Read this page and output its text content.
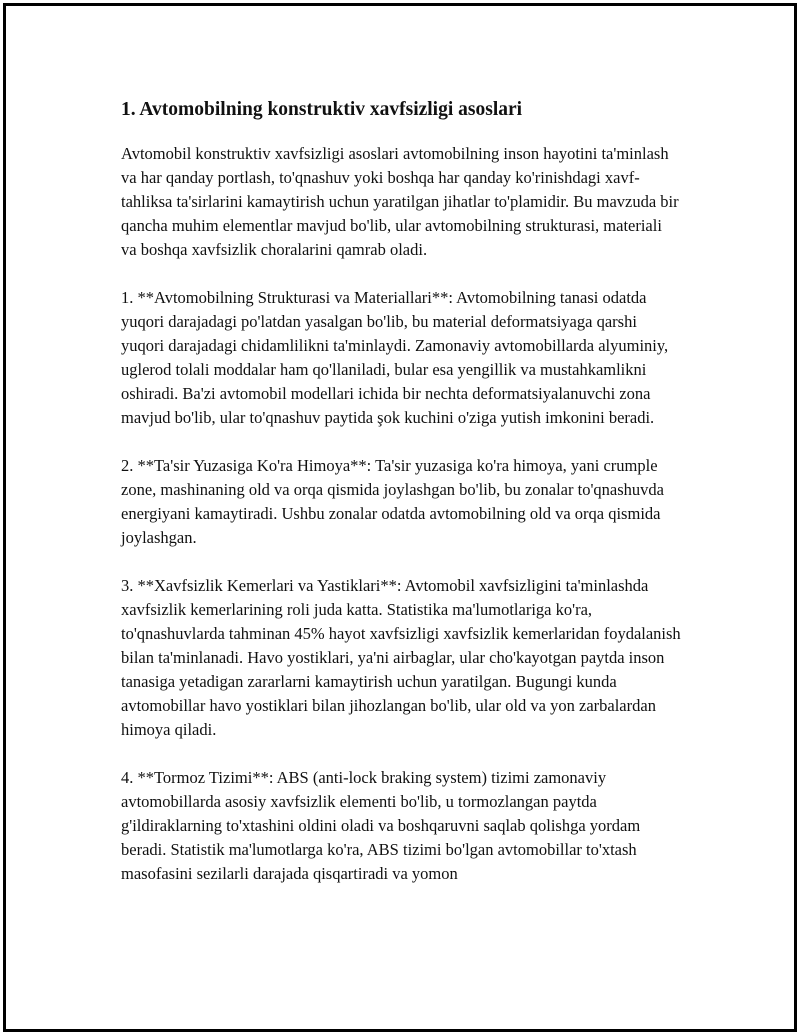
1. Avtomobilning konstruktiv xavfsizligi asoslari

Avtomobil konstruktiv xavfsizligi asoslari avtomobilning inson hayotini ta'minlash va har qanday portlash, to'qnashuv yoki boshqa har qanday ko'rinishdagi xavf-tahliksa ta'sirlarini kamaytirish uchun yaratilgan jihatlar to'plamidir. Bu mavzuda bir qancha muhim elementlar mavjud bo'lib, ular avtomobilning strukturasi, materiali va boshqa xavfsizlik choralarini qamrab oladi.

1. **Avtomobilning Strukturasi va Materiallari**: Avtomobilning tanasi odatda yuqori darajadagi po'latdan yasalgan bo'lib, bu material deformatsiyaga qarshi yuqori darajadagi chidamlilikni ta'minlaydi. Zamonaviy avtomobillarda alyuminiy, uglerod tolali moddalar ham qo'llaniladi, bular esa yengillik va mustahkamlikni oshiradi. Ba'zi avtomobil modellari ichida bir nechta deformatsiyalanuvchi zona mavjud bo'lib, ular to'qnashuv paytida şok kuchini o'ziga yutish imkonini beradi.

2. **Ta'sir Yuzasiga Ko'ra Himoya**: Ta'sir yuzasiga ko'ra himoya, yani crumple zone, mashinaning old va orqa qismida joylashgan bo'lib, bu zonalar to'qnashuvda energiyani kamaytiradi. Ushbu zonalar odatda avtomobilning old va orqa qismida joylashgan.

3. **Xavfsizlik Kemerlari va Yastiklari**: Avtomobil xavfsizligini ta'minlashda xavfsizlik kemerlarining roli juda katta. Statistika ma'lumotlariga ko'ra, to'qnashuvlarda tahminan 45% hayot xavfsizligi xavfsizlik kemerlaridan foydalanish bilan ta'minlanadi. Havo yostiklari, ya'ni airbaglar, ular cho'kayotgan paytda inson tanasiga yetadigan zararlarni kamaytirish uchun yaratilgan. Bugungi kunda avtomobillar havo yostiklari bilan jihozlangan bo'lib, ular old va yon zarbalardan himoya qiladi.

4. **Tormoz Tizimi**: ABS (anti-lock braking system) tizimi zamonaviy avtomobillarda asosiy xavfsizlik elementi bo'lib, u tormozlangan paytda g'ildiraklarning to'xtashini oldini oladi va boshqaruvni saqlab qolishga yordam beradi. Statistik ma'lumotlarga ko'ra, ABS tizimi bo'lgan avtomobillar to'xtash masofasini sezilarli darajada qisqartiradi va yomon
